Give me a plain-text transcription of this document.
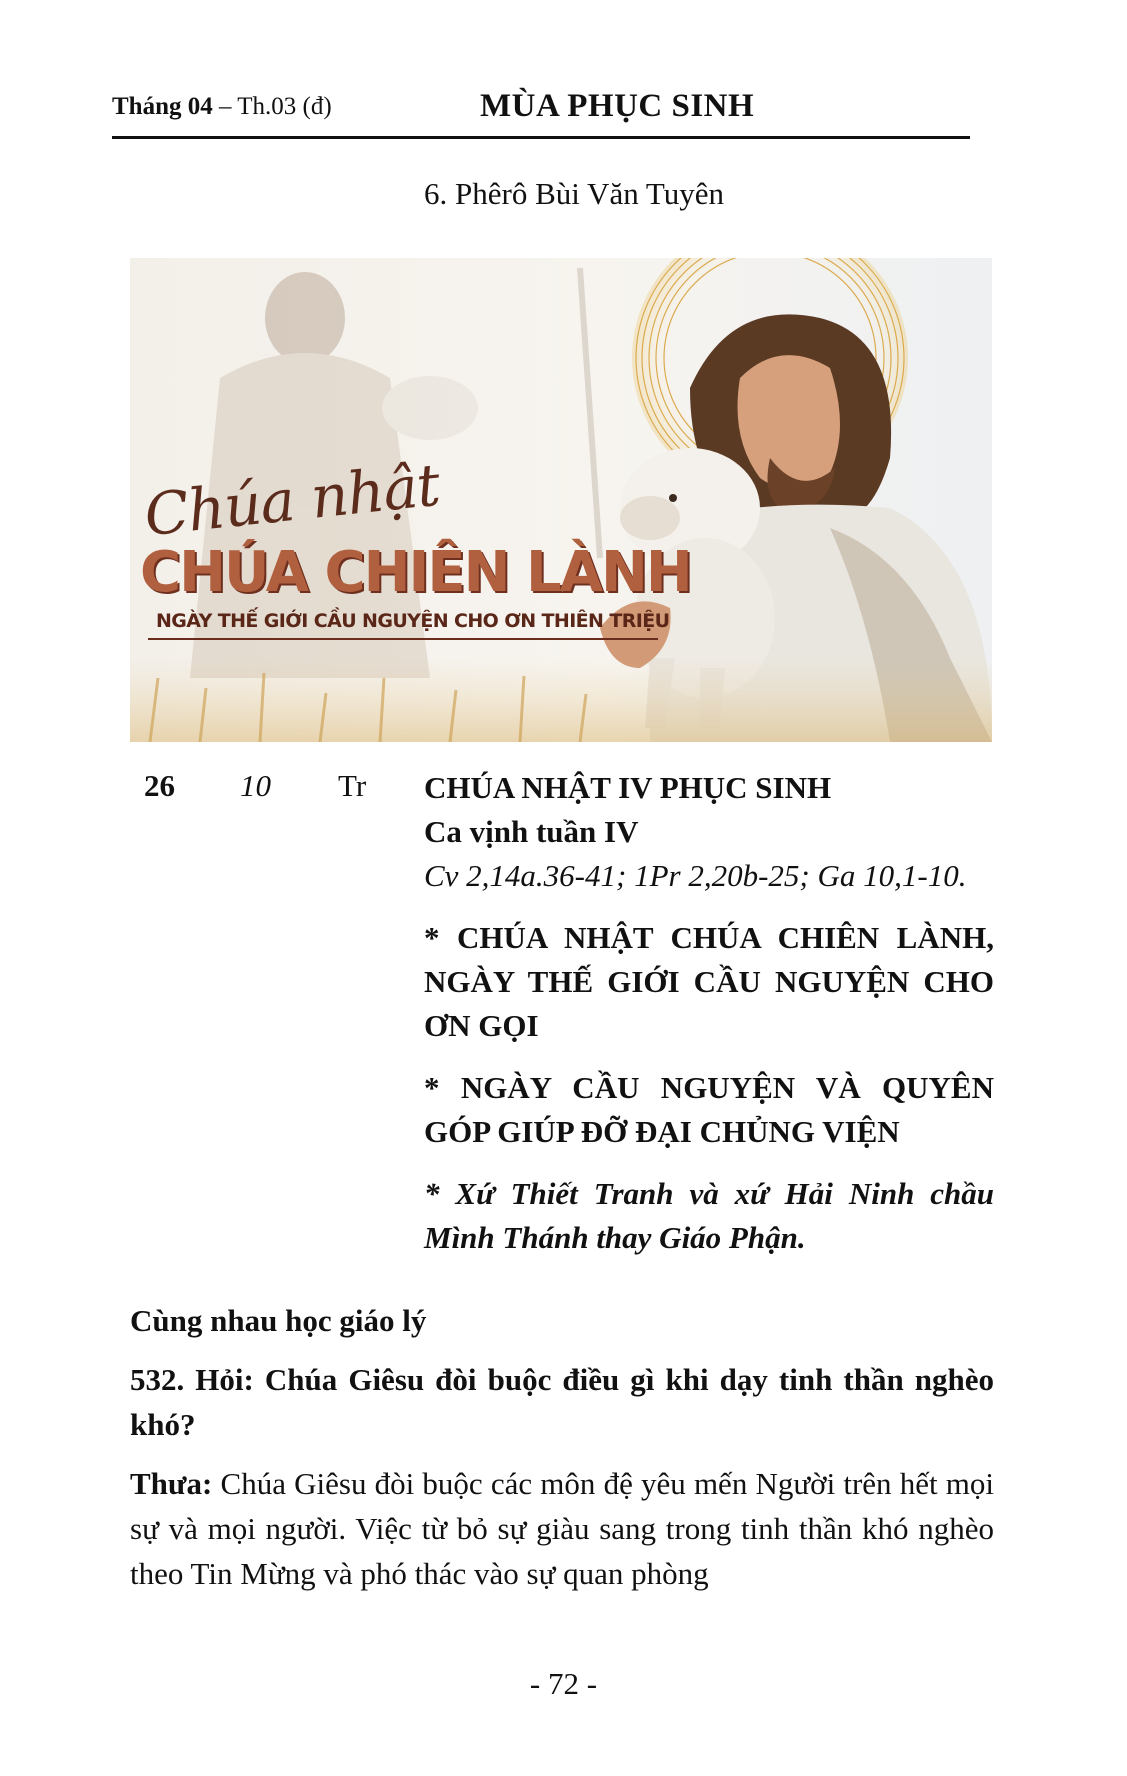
Tháng 04 – Th.03 (đ)	MÙA PHỤC SINH
6. Phêrô Bùi Văn Tuyên
Chúa nhật
CHÚA CHIÊN LÀNH
NGÀY THẾ GIỚI CẦU NGUYỆN CHO ƠN THIÊN TRIỆU
26 10 Tr CHÚA NHẬT IV PHỤC SINH

Ca vịnh tuần IV

Cv 2,14a.36-41; 1Pr 2,20b-25; Ga 10,1-10.

* CHÚA NHẬT CHÚA CHIÊN LÀNH, NGÀY THẾ GIỚI CẦU NGUYỆN CHO ƠN GỌI

* NGÀY CẦU NGUYỆN VÀ QUYÊN GÓP GIÚP ĐỠ ĐẠI CHỦNG VIỆN

* Xứ Thiết Tranh và xứ Hải Ninh chầu Mình Thánh thay Giáo Phận.

Cùng nhau học giáo lý

532. Hỏi: Chúa Giêsu đòi buộc điều gì khi dạy tinh thần nghèo khó?

Thưa: Chúa Giêsu đòi buộc các môn đệ yêu mến Người trên hết mọi sự và mọi người. Việc từ bỏ sự giàu sang trong tinh thần khó nghèo theo Tin Mừng và phó thác vào sự quan phòng

- 72 -
